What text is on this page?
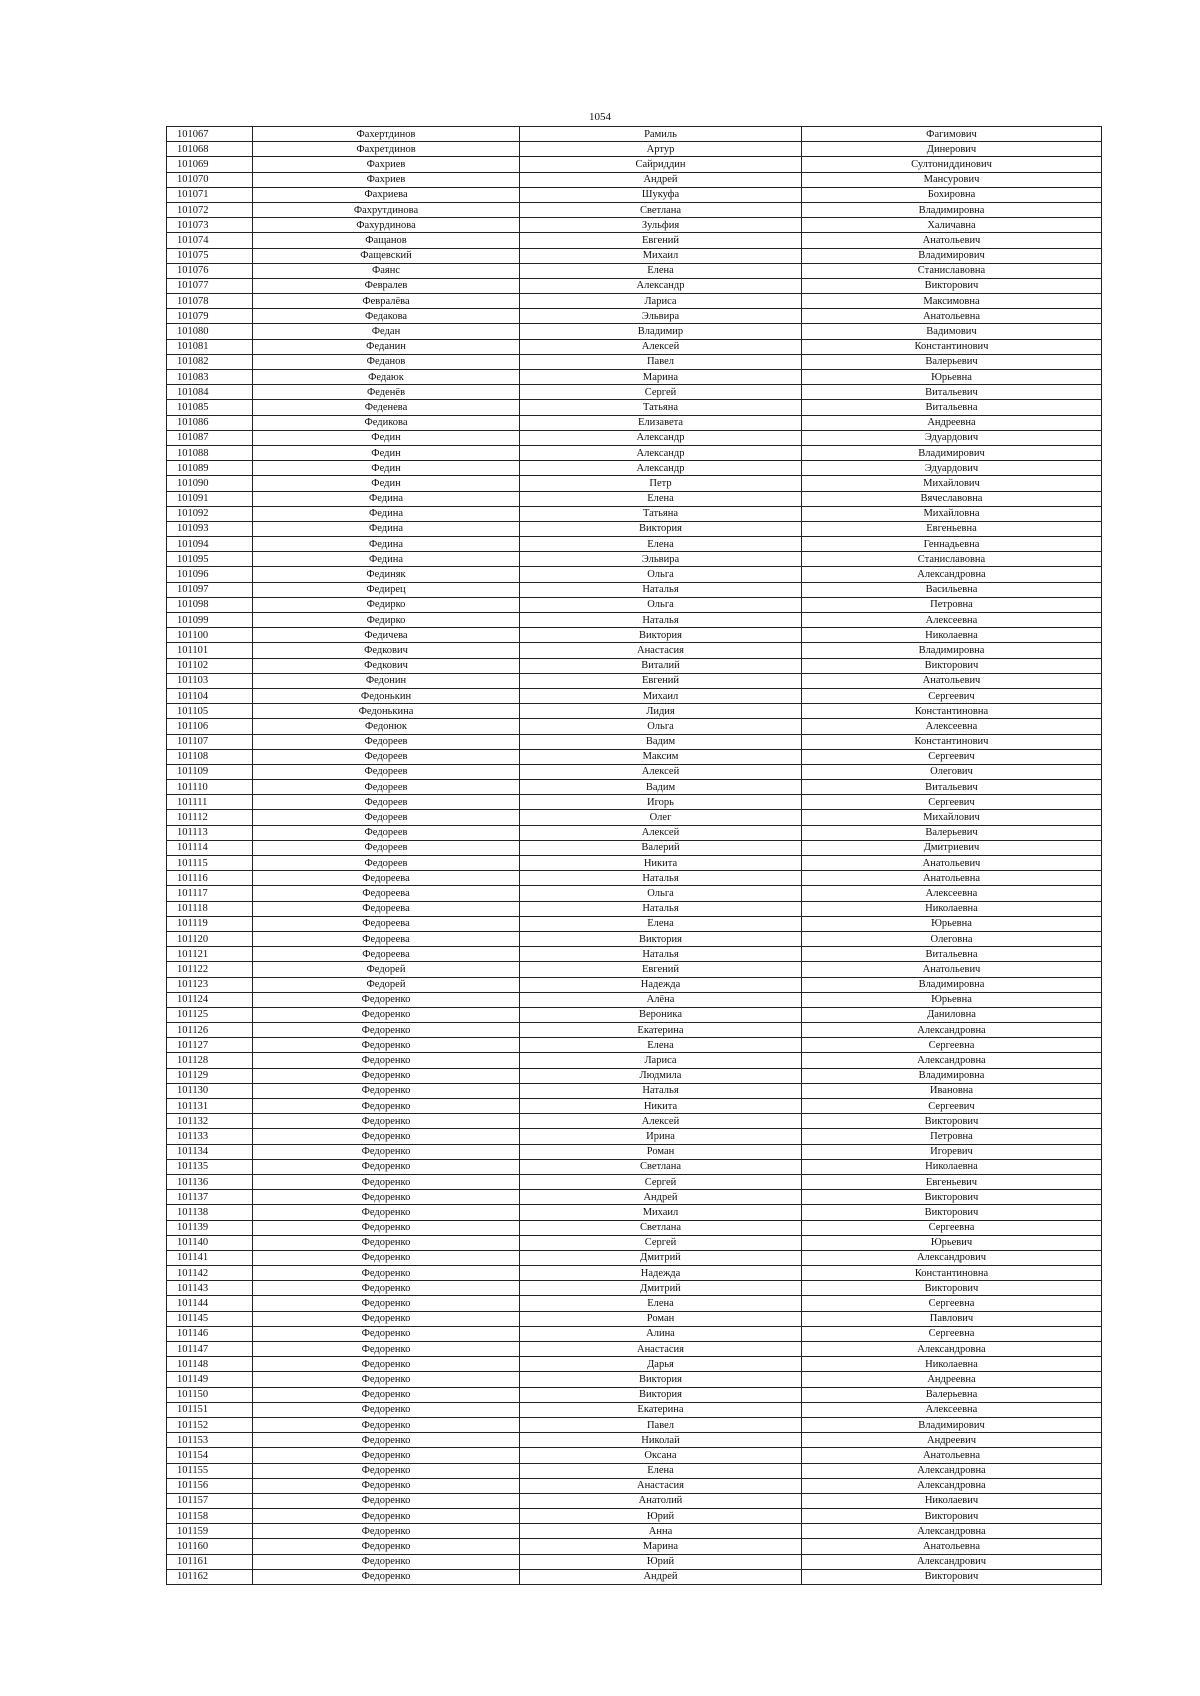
1054
101067	Фахертдинов	Рамиль	Фагимович
101068	Фахретдинов	Артур	Динерович
101069	Фахриев	Сайриддин	Султониддинович
101070	Фахриев	Андрей	Мансурович
101071	Фахриева	Шукуфа	Бохировна
101072	Фахрутдинова	Светлана	Владимировна
101073	Фахурдинова	Зульфия	Халичавна
101074	Фащанов	Евгений	Анатольевич
101075	Фащевский	Михаил	Владимирович
101076	Фаянс	Елена	Станиславовна
101077	Февралев	Александр	Викторович
101078	Февралёва	Лариса	Максимовна
101079	Федакова	Эльвира	Анатольевна
101080	Федан	Владимир	Вадимович
101081	Феданин	Алексей	Константинович
101082	Феданов	Павел	Валерьевич
101083	Федаюк	Марина	Юрьевна
101084	Феденёв	Сергей	Витальевич
101085	Феденева	Татьяна	Витальевна
101086	Федикова	Елизавета	Андреевна
101087	Федин	Александр	Эдуардович
101088	Федин	Александр	Владимирович
101089	Федин	Александр	Эдуардович
101090	Федин	Петр	Михайлович
101091	Федина	Елена	Вячеславовна
101092	Федина	Татьяна	Михайловна
101093	Федина	Виктория	Евгеньевна
101094	Федина	Елена	Геннадьевна
101095	Федина	Эльвира	Станиславовна
101096	Фединяк	Ольга	Александровна
101097	Федирец	Наталья	Васильевна
101098	Федирко	Ольга	Петровна
101099	Федирко	Наталья	Алексеевна
101100	Федичева	Виктория	Николаевна
101101	Федкович	Анастасия	Владимировна
101102	Федкович	Виталий	Викторович
101103	Федонин	Евгений	Анатольевич
101104	Федонькин	Михаил	Сергеевич
101105	Федонькина	Лидия	Константиновна
101106	Федонюк	Ольга	Алексеевна
101107	Федореев	Вадим	Константинович
101108	Федореев	Максим	Сергеевич
101109	Федореев	Алексей	Олегович
101110	Федореев	Вадим	Витальевич
101111	Федореев	Игорь	Сергеевич
101112	Федореев	Олег	Михайлович
101113	Федореев	Алексей	Валерьевич
101114	Федореев	Валерий	Дмитриевич
101115	Федореев	Никита	Анатольевич
101116	Федореева	Наталья	Анатольевна
101117	Федореева	Ольга	Алексеевна
101118	Федореева	Наталья	Николаевна
101119	Федореева	Елена	Юрьевна
101120	Федореева	Виктория	Олеговна
101121	Федореева	Наталья	Витальевна
101122	Федорей	Евгений	Анатольевич
101123	Федорей	Надежда	Владимировна
101124	Федоренко	Алёна	Юрьевна
101125	Федоренко	Вероника	Даниловна
101126	Федоренко	Екатерина	Александровна
101127	Федоренко	Елена	Сергеевна
101128	Федоренко	Лариса	Александровна
101129	Федоренко	Людмила	Владимировна
101130	Федоренко	Наталья	Ивановна
101131	Федоренко	Никита	Сергеевич
101132	Федоренко	Алексей	Викторович
101133	Федоренко	Ирина	Петровна
101134	Федоренко	Роман	Игоревич
101135	Федоренко	Светлана	Николаевна
101136	Федоренко	Сергей	Евгеньевич
101137	Федоренко	Андрей	Викторович
101138	Федоренко	Михаил	Викторович
101139	Федоренко	Светлана	Сергеевна
101140	Федоренко	Сергей	Юрьевич
101141	Федоренко	Дмитрий	Александрович
101142	Федоренко	Надежда	Константиновна
101143	Федоренко	Дмитрий	Викторович
101144	Федоренко	Елена	Сергеевна
101145	Федоренко	Роман	Павлович
101146	Федоренко	Алина	Сергеевна
101147	Федоренко	Анастасия	Александровна
101148	Федоренко	Дарья	Николаевна
101149	Федоренко	Виктория	Андреевна
101150	Федоренко	Виктория	Валерьевна
101151	Федоренко	Екатерина	Алексеевна
101152	Федоренко	Павел	Владимирович
101153	Федоренко	Николай	Андреевич
101154	Федоренко	Оксана	Анатольевна
101155	Федоренко	Елена	Александровна
101156	Федоренко	Анастасия	Александровна
101157	Федоренко	Анатолий	Николаевич
101158	Федоренко	Юрий	Викторович
101159	Федоренко	Анна	Александровна
101160	Федоренко	Марина	Анатольевна
101161	Федоренко	Юрий	Александрович
101162	Федоренко	Андрей	Викторович
